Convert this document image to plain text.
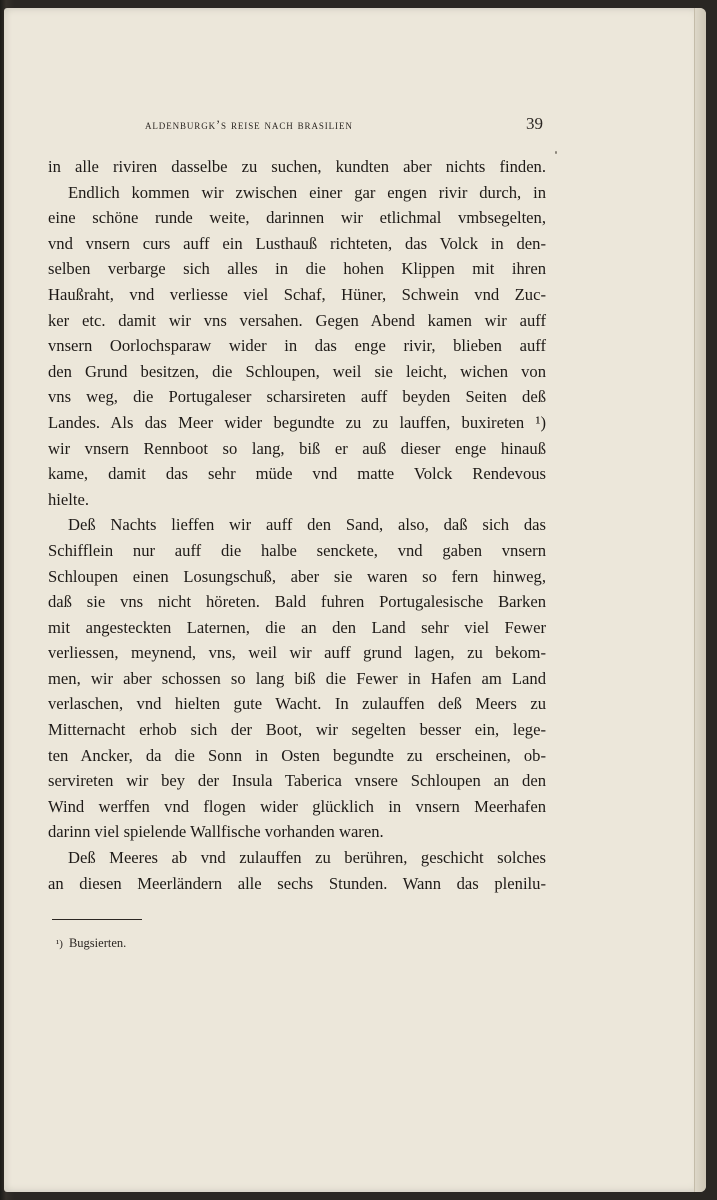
aldenburgk’s reise nach brasilien	39
in alle riviren dasselbe zu suchen, kundten aber nichts finden.
Endlich kommen wir zwischen einer gar engen rivir durch, in
eine schöne runde weite, darinnen wir etlichmal vmbsegelten,
vnd vnsern curs auff ein Lusthauß richteten, das Volck in den-
selben verbarge sich alles in die hohen Klippen mit ihren
Haußraht, vnd verliesse viel Schaf, Hüner, Schwein vnd Zuc-
ker etc. damit wir vns versahen. Gegen Abend kamen wir auff
vnsern Oorlochsparaw wider in das enge rivir, blieben auff
den Grund besitzen, die Schloupen, weil sie leicht, wichen von
vns weg, die Portugaleser scharsireten auff beyden Seiten deß
Landes. Als das Meer wider begundte zu zu lauffen, buxireten ¹)
wir vnsern Rennboot so lang, biß er auß dieser enge hinauß
kame, damit das sehr müde vnd matte Volck Rendevous
hielte.
Deß Nachts lieffen wir auff den Sand, also, daß sich das
Schifflein nur auff die halbe senckete, vnd gaben vnsern
Schloupen einen Losungschuß, aber sie waren so fern hinweg,
daß sie vns nicht höreten. Bald fuhren Portugalesische Barken
mit angesteckten Laternen, die an den Land sehr viel Fewer
verliessen, meynend, vns, weil wir auff grund lagen, zu bekom-
men, wir aber schossen so lang biß die Fewer in Hafen am Land
verlaschen, vnd hielten gute Wacht. In zulauffen deß Meers zu
Mitternacht erhob sich der Boot, wir segelten besser ein, lege-
ten Ancker, da die Sonn in Osten begundte zu erscheinen, ob-
servireten wir bey der Insula Taberica vnsere Schloupen an den
Wind werffen vnd flogen wider glücklich in vnsern Meerhafen
darinn viel spielende Wallfische vorhanden waren.
Deß Meeres ab vnd zulauffen zu berühren, geschicht solches
an diesen Meerländern alle sechs Stunden. Wann das plenilu-
¹) Bugsierten.
